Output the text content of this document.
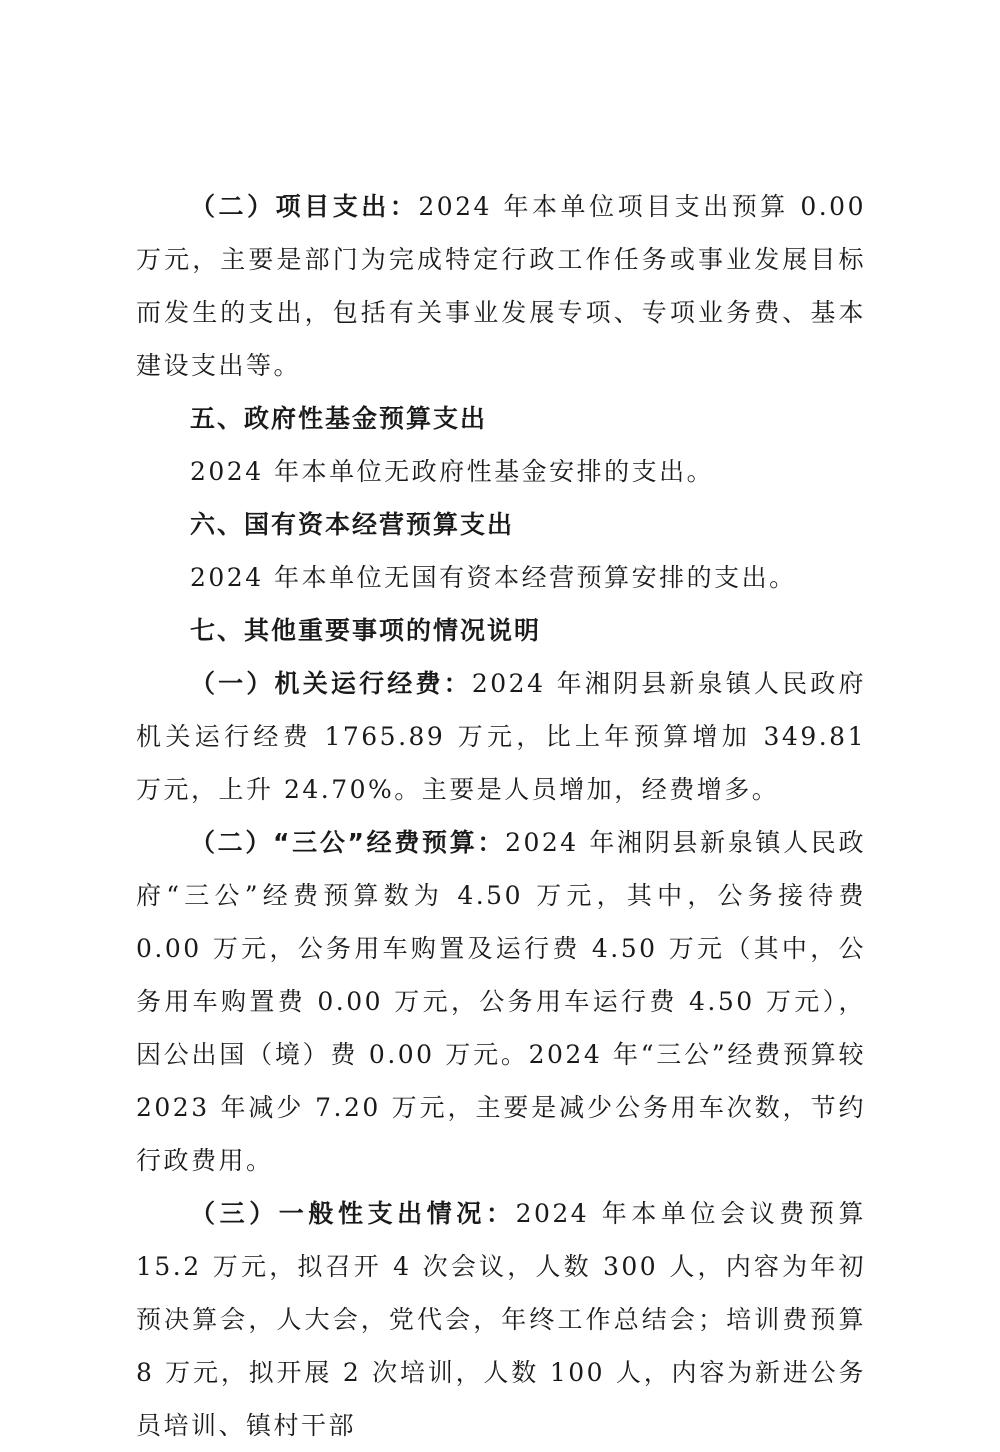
（二）项目支出：2024 年本单位项目支出预算 0.00 万元，主要是部门为完成特定行政工作任务或事业发展目标而发生的支出，包括有关事业发展专项、专项业务费、基本建设支出等。

五、政府性基金预算支出

2024 年本单位无政府性基金安排的支出。

六、国有资本经营预算支出

2024 年本单位无国有资本经营预算安排的支出。

七、其他重要事项的情况说明

（一）机关运行经费：2024 年湘阴县新泉镇人民政府机关运行经费 1765.89 万元，比上年预算增加 349.81 万元，上升 24.70%。主要是人员增加，经费增多。

（二）“三公”经费预算：2024 年湘阴县新泉镇人民政府“三公”经费预算数为 4.50 万元，其中，公务接待费 0.00 万元，公务用车购置及运行费 4.50 万元（其中，公务用车购置费 0.00 万元，公务用车运行费 4.50 万元），因公出国（境）费 0.00 万元。2024 年“三公”经费预算较 2023 年减少 7.20 万元，主要是减少公务用车次数，节约行政费用。

（三）一般性支出情况：2024 年本单位会议费预算 15.2 万元，拟召开 4 次会议，人数 300 人，内容为年初预决算会，人大会，党代会，年终工作总结会；培训费预算 8 万元，拟开展 2 次培训，人数 100 人，内容为新进公务员培训、镇村干部
